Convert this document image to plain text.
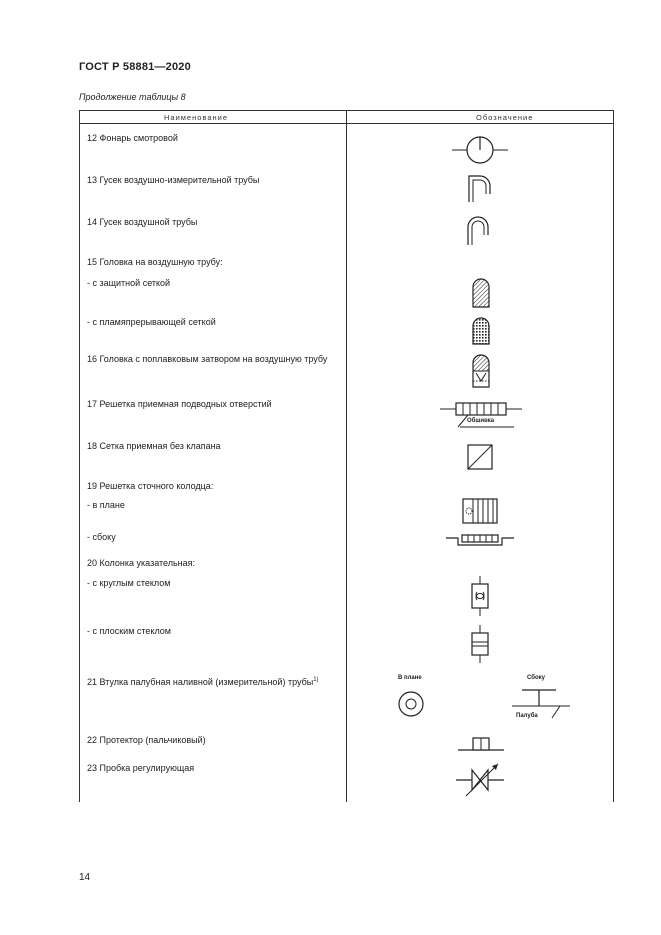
ГОСТ Р 58881—2020
Продолжение таблицы 8
Наименование	Обозначение
12 Фонарь смотровой
13 Гусек воздушно-измерительной трубы
14 Гусек воздушной трубы
15 Головка на воздушную трубу:
- с защитной сеткой
- с пламяпрерывающей сеткой
16 Головка с поплавковым затвором на воздушную трубу
17 Решетка приемная подводных отверстий
18 Сетка приемная без клапана
19 Решетка сточного колодца:
- в плане
- сбоку
20 Колонка указательная:
- с круглым стеклом
- с плоским стеклом
21 Втулка палубная наливной (измерительной) трубы$^{1)}$
22 Протектор (пальчиковый)
23 Пробка регулирующая
Обшивка
В плане	Сбоку
Палуба
14
